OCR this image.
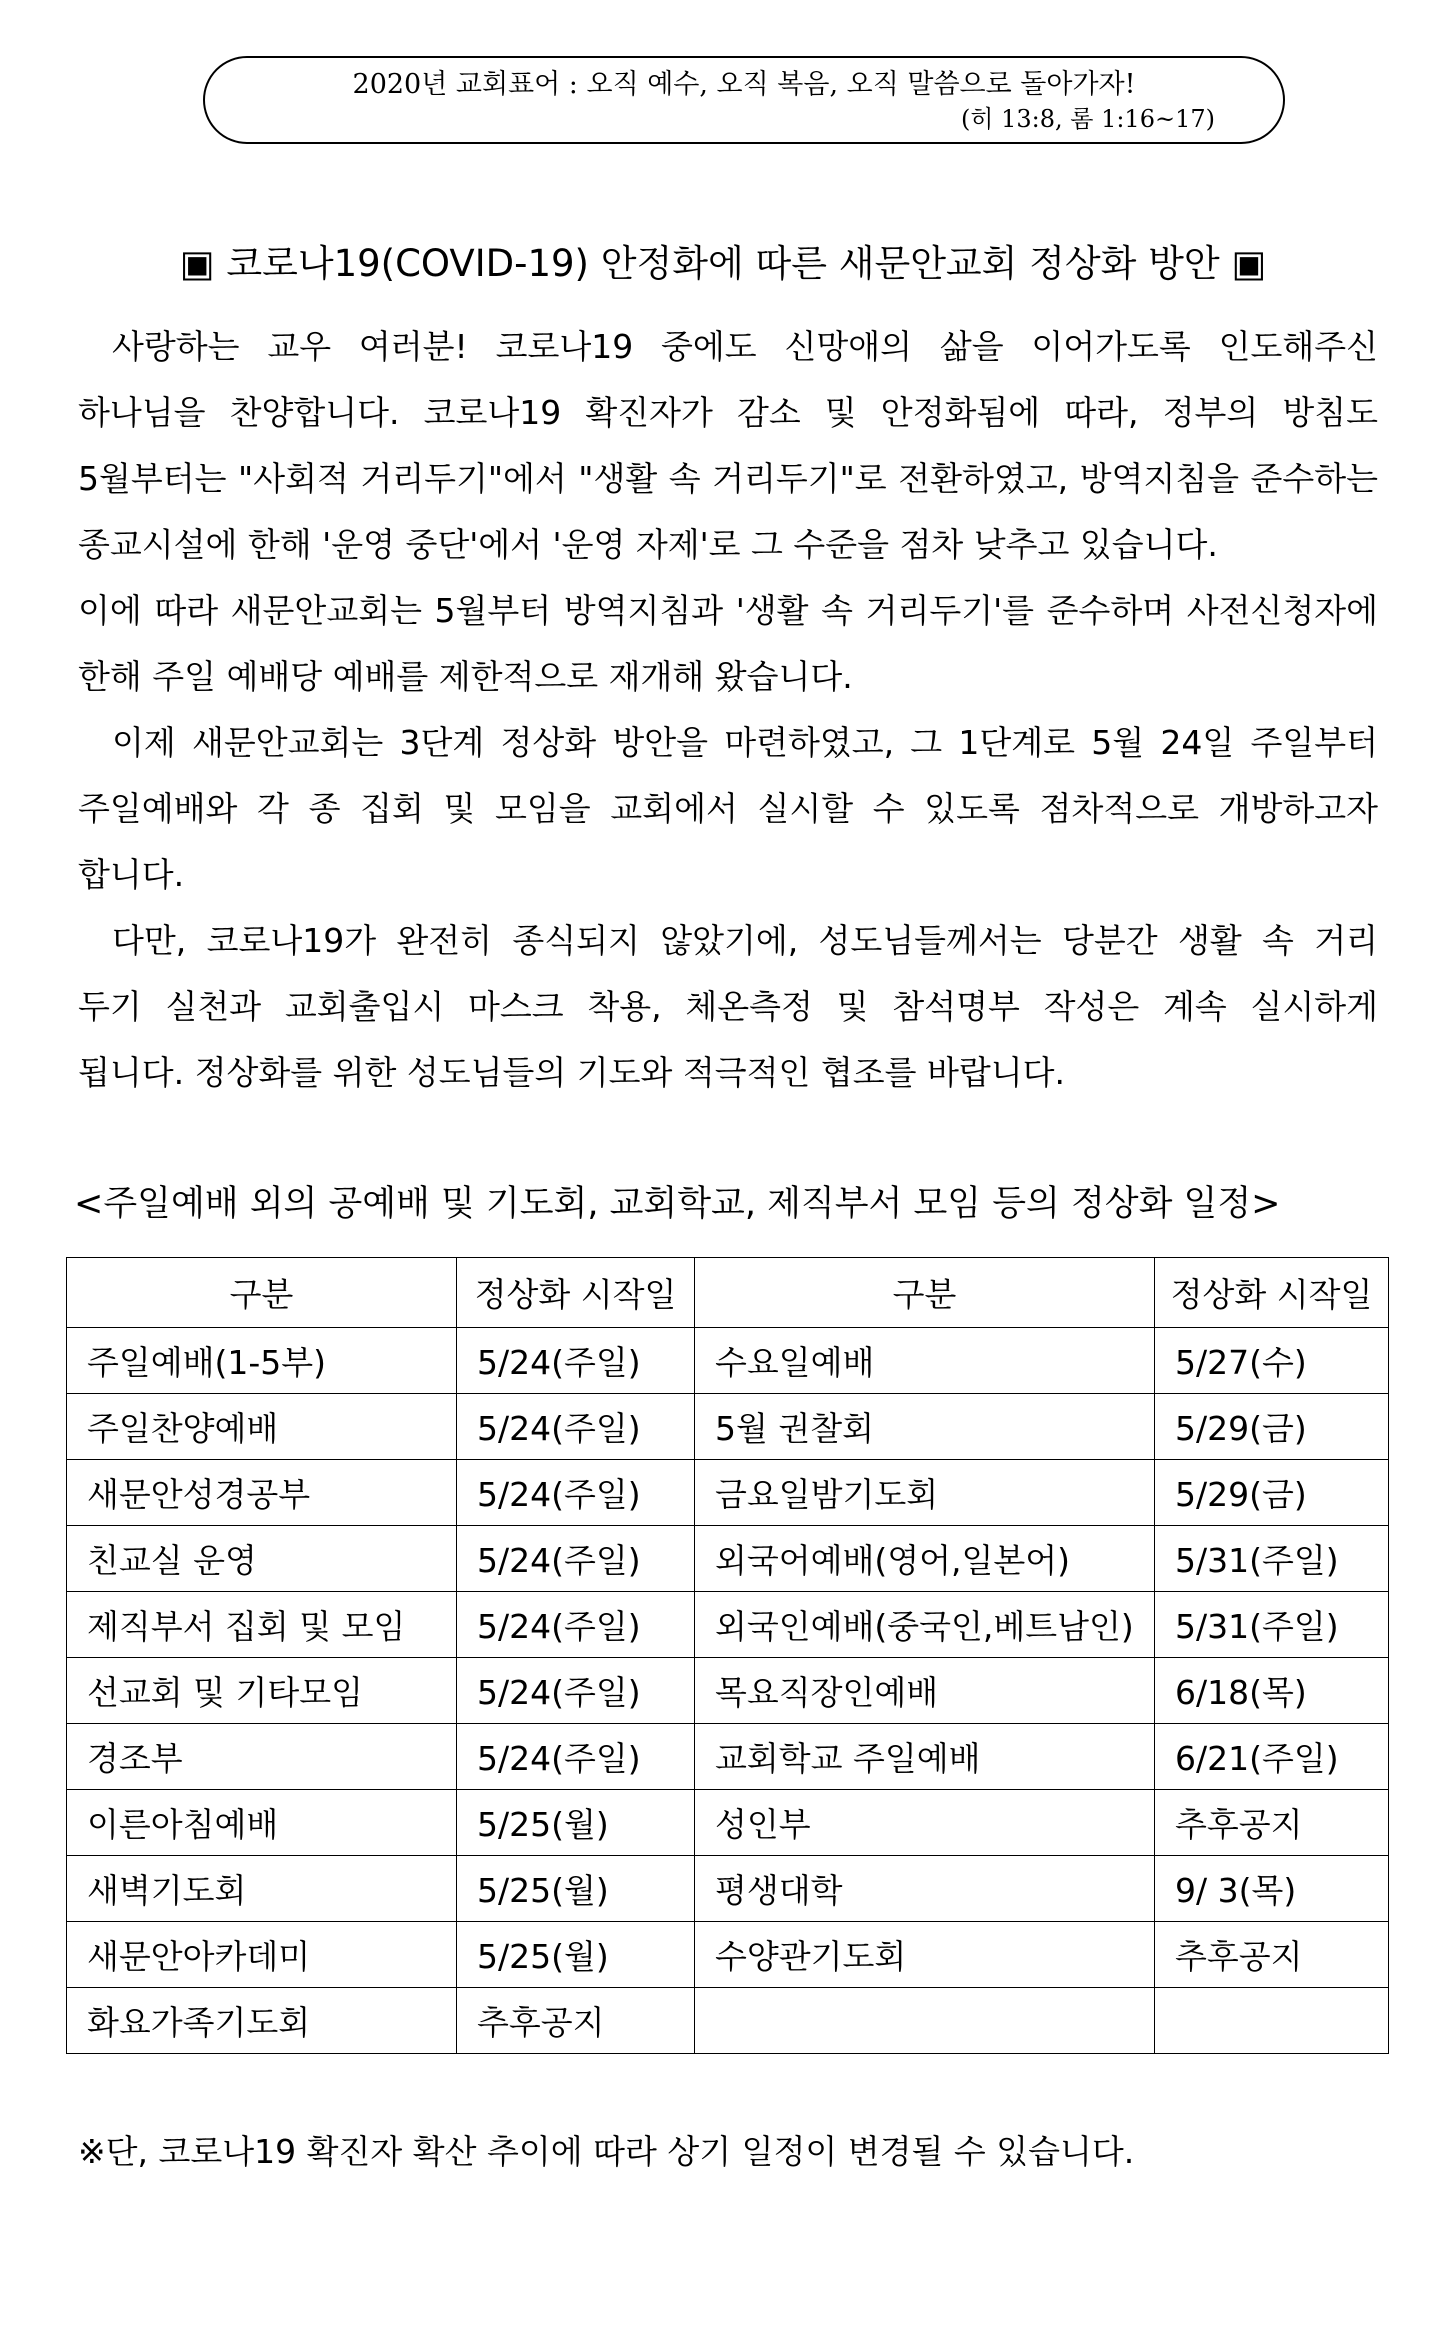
2020년 교회표어 : 오직 예수, 오직 복음, 오직 말씀으로 돌아가자!
(히 13:8, 롬 1:16~17)
▣ 코로나19(COVID-19) 안정화에 따른 새문안교회 정상화 방안 ▣
사랑하는 교우 여러분! 코로나19 중에도 신망애의 삶을 이어가도록 인도해주신
하나님을 찬양합니다. 코로나19 확진자가 감소 및 안정화됨에 따라, 정부의 방침도
5월부터는 "사회적 거리두기"에서 "생활 속 거리두기"로 전환하였고, 방역지침을 준수하는
종교시설에 한해 '운영 중단'에서 '운영 자제'로 그 수준을 점차 낮추고 있습니다.
이에 따라 새문안교회는 5월부터 방역지침과 '생활 속 거리두기'를 준수하며 사전신청자에
한해 주일 예배당 예배를 제한적으로 재개해 왔습니다.
이제 새문안교회는 3단계 정상화 방안을 마련하였고, 그 1단계로 5월 24일 주일부터
주일예배와 각 종 집회 및 모임을 교회에서 실시할 수 있도록 점차적으로 개방하고자
합니다.
다만, 코로나19가 완전히 종식되지 않았기에, 성도님들께서는 당분간 생활 속 거리
두기 실천과 교회출입시 마스크 착용, 체온측정 및 참석명부 작성은 계속 실시하게
됩니다. 정상화를 위한 성도님들의 기도와 적극적인 협조를 바랍니다.
<주일예배 외의 공예배 및 기도회, 교회학교, 제직부서 모임 등의 정상화 일정>
구분	정상화 시작일	구분	정상화 시작일
주일예배(1-5부)	5/24(주일)	수요일예배	5/27(수)
주일찬양예배	5/24(주일)	5월 권찰회	5/29(금)
새문안성경공부	5/24(주일)	금요일밤기도회	5/29(금)
친교실 운영	5/24(주일)	외국어예배(영어,일본어)	5/31(주일)
제직부서 집회 및 모임	5/24(주일)	외국인예배(중국인,베트남인)	5/31(주일)
선교회 및 기타모임	5/24(주일)	목요직장인예배	6/18(목)
경조부	5/24(주일)	교회학교 주일예배	6/21(주일)
이른아침예배	5/25(월)	성인부	추후공지
새벽기도회	5/25(월)	평생대학	9/ 3(목)
새문안아카데미	5/25(월)	수양관기도회	추후공지
화요가족기도회	추후공지		
※단, 코로나19 확진자 확산 추이에 따라 상기 일정이 변경될 수 있습니다.
